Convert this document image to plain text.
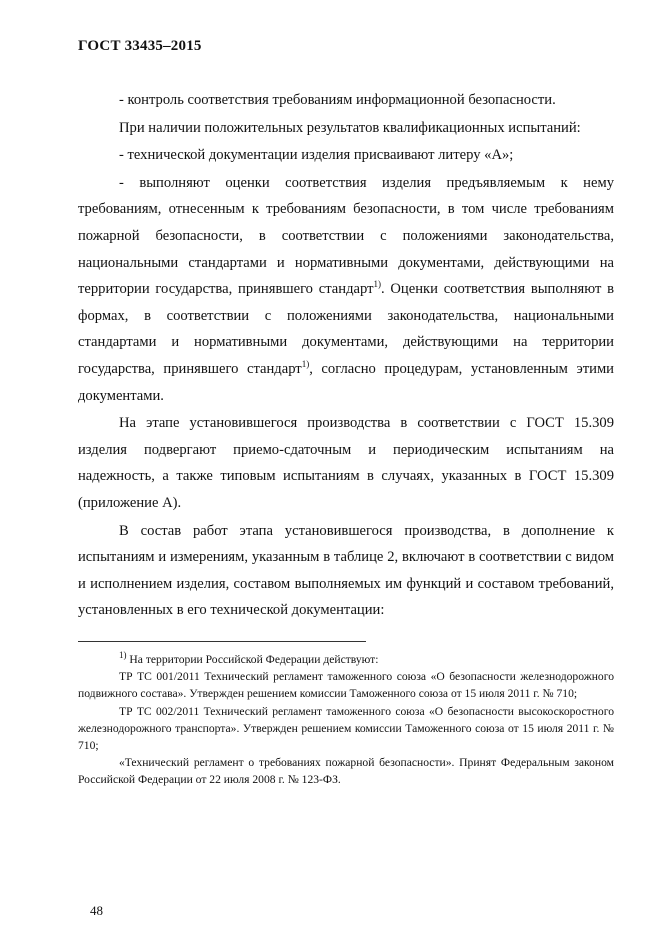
ГОСТ 33435–2015

- контроль соответствия требованиям информационной безопасности.

При наличии положительных результатов квалификационных испытаний:

- технической документации изделия присваивают литеру «А»;

- выполняют оценки соответствия изделия предъявляемым к нему требованиям, отнесенным к требованиям безопасности, в том числе требованиям пожарной безопасности, в соответствии с положениями законодательства, национальными стандартами и нормативными документами, действующими на территории государства, принявшего стандарт$^{1)}$. Оценки соответствия выполняют в формах, в соответствии с положениями законодательства, национальными стандартами и нормативными документами, действующими на территории государства, принявшего стандарт$^{1)}$, согласно процедурам, установленным этими документами.

На этапе установившегося производства в соответствии с ГОСТ 15.309 изделия подвергают приемо-сдаточным и периодическим испытаниям на надежность, а также типовым испытаниям в случаях, указанных в ГОСТ 15.309 (приложение А).

В состав работ этапа установившегося производства, в дополнение к испытаниям и измерениям, указанным в таблице 2, включают в соответствии с видом и исполнением изделия, составом выполняемых им функций и составом требований, установленных в его технической документации:

$^{1)}$ На территории Российской Федерации действуют:

ТР ТС 001/2011 Технический регламент таможенного союза «О безопасности железнодорожного подвижного состава». Утвержден решением комиссии Таможенного союза от 15 июля 2011 г. № 710;

ТР ТС 002/2011 Технический регламент таможенного союза «О безопасности высокоскоростного железнодорожного транспорта». Утвержден решением комиссии Таможенного союза от 15 июля 2011 г. № 710;

«Технический регламент о требованиях пожарной безопасности». Принят Федеральным законом Российской Федерации от 22 июля 2008 г. № 123-ФЗ.

48
